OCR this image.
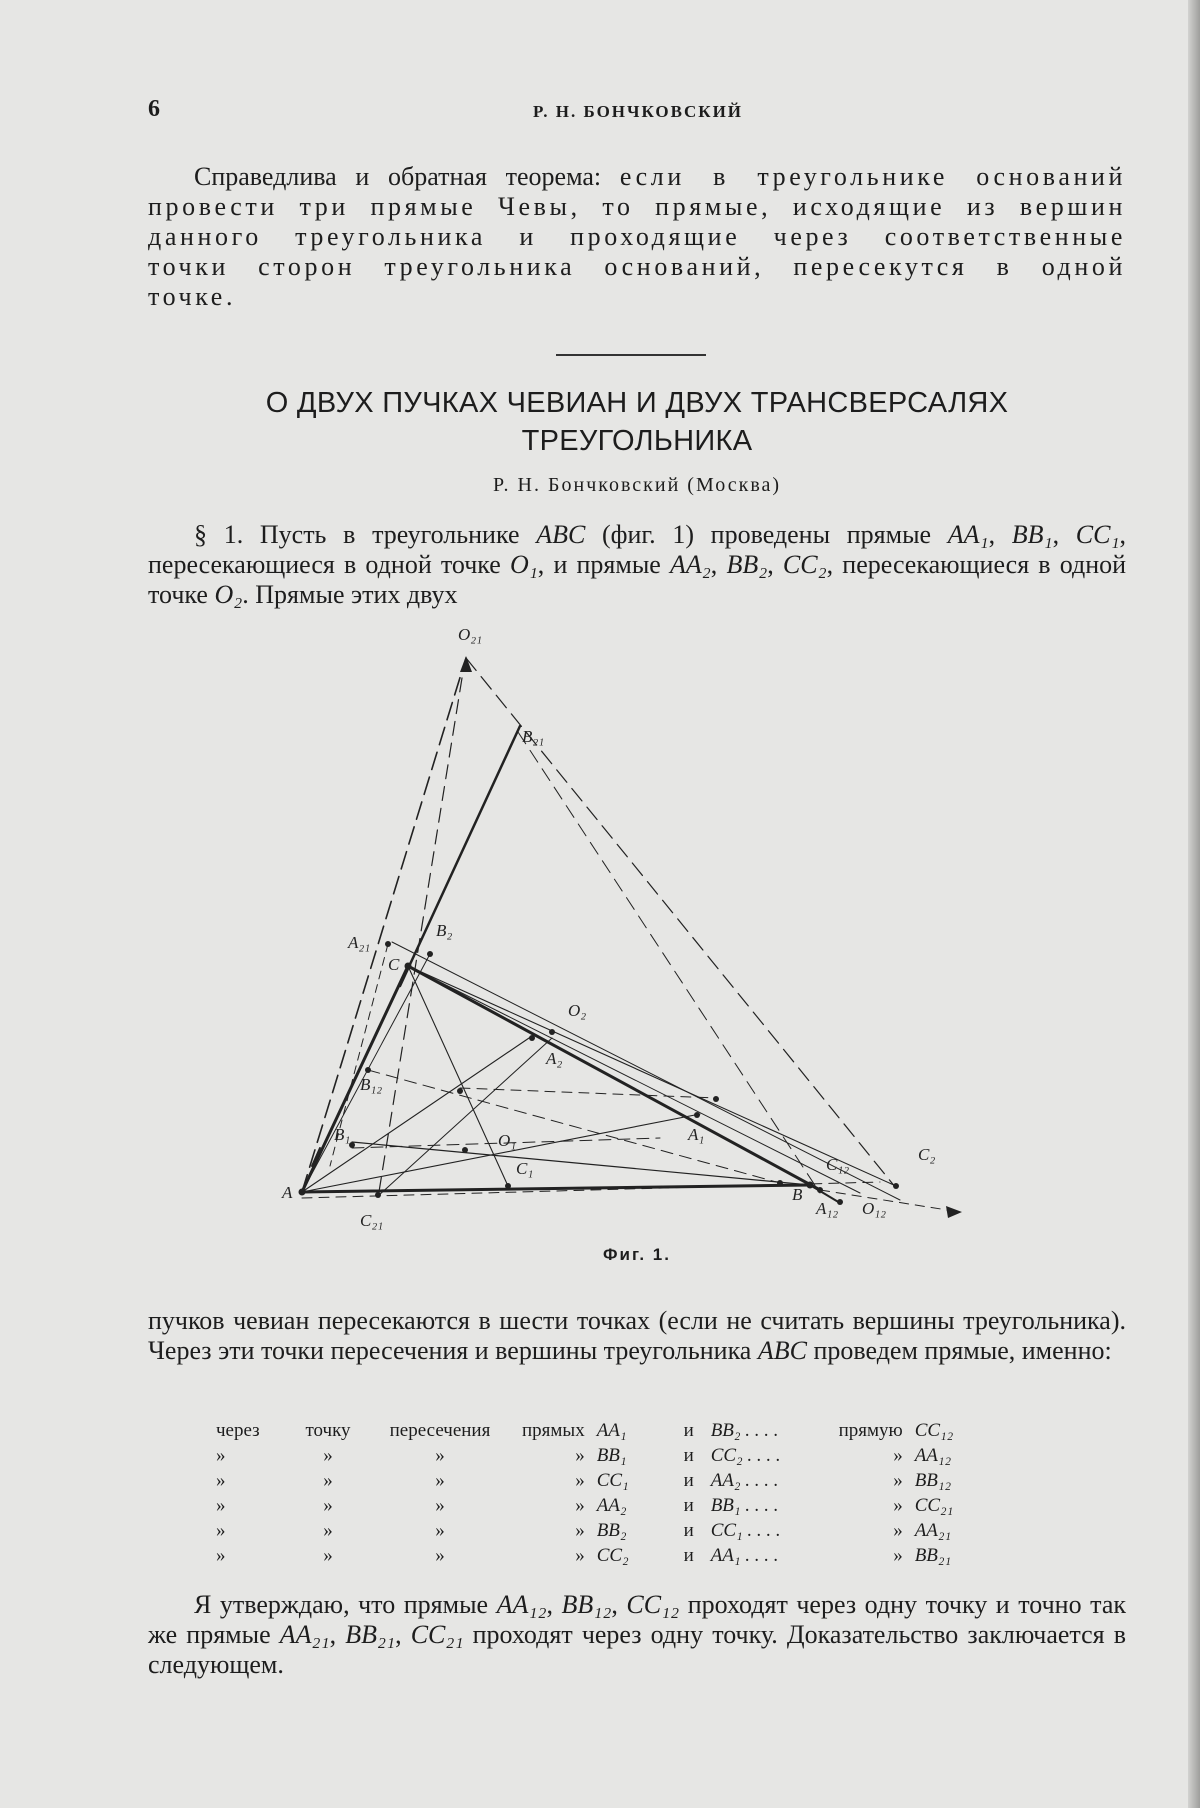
6	Р. Н. БОНЧКОВСКИЙ
Справедлива и обратная теорема: если в треугольнике оснований провести три прямые Чевы, то прямые, исходящие из вершин данного треугольника и проходящие через соответственные точки сторон треугольника оснований, пересекутся в одной точке.
О ДВУХ ПУЧКАХ ЧЕВИАН И ДВУХ ТРАНСВЕРСАЛЯХ
ТРЕУГОЛЬНИКА
Р. Н. Бончковский (Москва)
§ 1. Пусть в треугольнике ABC (фиг. 1) проведены прямые AA₁, BB₁, CC₁, пересекающиеся в одной точке O₁, и прямые AA₂, BB₂, CC₂, пересекающиеся в одной точке O₂. Прямые этих двух
O₂₁
B₂₁
A₂₁
B₂
C
O₂
A₂
B₁₂
B₁	O₁	A₁
C₁
A
C₂₁
B
C₁₂
C₂
A₁₂ O₁₂
Фиг. 1.
пучков чевиан пересекаются в шести точках (если не считать вершины треугольника). Через эти точки пересечения и вершины треугольника ABC проведем прямые, именно:
через	точку	пересечения	прямых	AA₁	и	BB₂ . . . .	прямую	CC₁₂
»	»	»	»	BB₁	и	CC₂ . . . .	»	AA₁₂
»	»	»	»	CC₁	и	AA₂ . . . .	»	BB₁₂
»	»	»	»	AA₂	и	BB₁ . . . .	»	CC₂₁
»	»	»	»	BB₂	и	CC₁ . . . .	»	AA₂₁
»	»	»	»	CC₂	и	AA₁ . . . .	»	BB₂₁
Я утверждаю, что прямые AA₁₂, BB₁₂, CC₁₂ проходят через одну точку и точно так же прямые AA₂₁, BB₂₁, CC₂₁ проходят через одну точку. Доказательство заключается в следующем.
